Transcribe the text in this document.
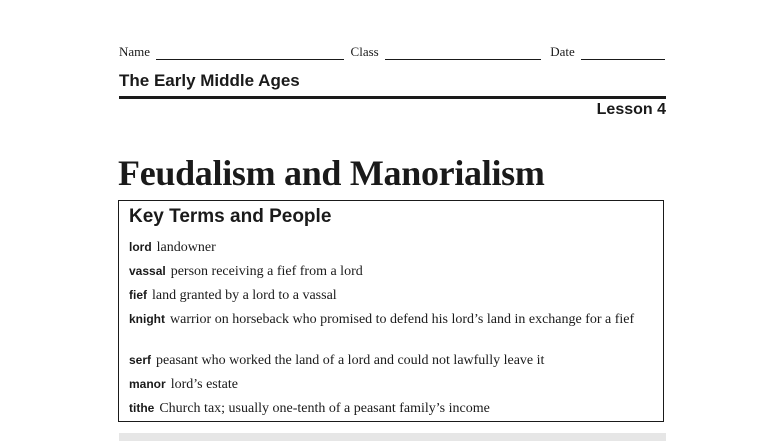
Name	Class	Date
The Early Middle Ages
Lesson 4
Feudalism and Manorialism
Key Terms and People
lord landowner
vassal person receiving a fief from a lord
fief land granted by a lord to a vassal
knight warrior on horseback who promised to defend his lord’s land in exchange for a fief
serf peasant who worked the land of a lord and could not lawfully leave it
manor lord’s estate
tithe Church tax; usually one-tenth of a peasant family’s income
